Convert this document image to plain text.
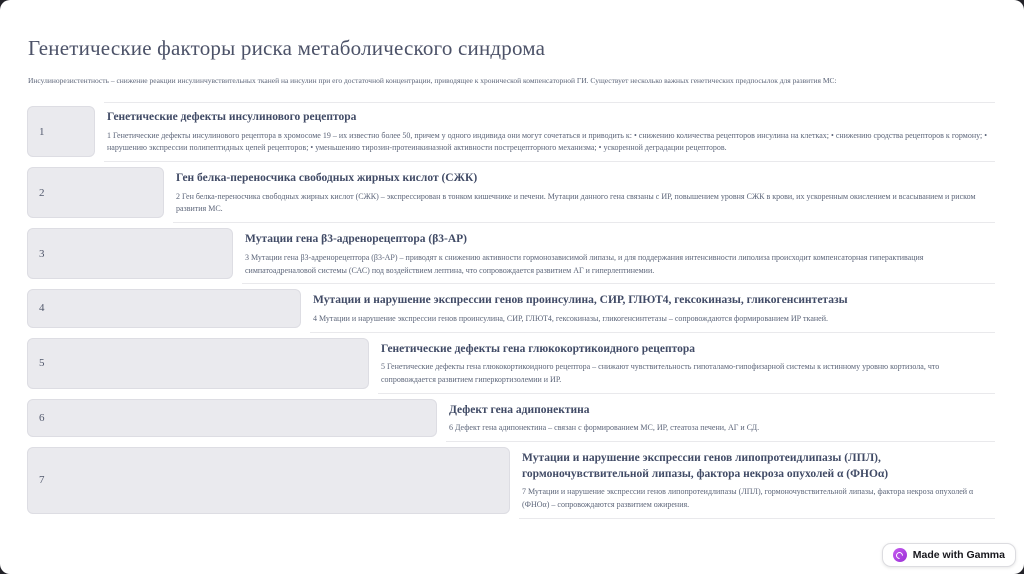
Генетические факторы риска метаболического синдрома

Инсулинорезистентность – снижение реакции инсулинчувствительных тканей на инсулин при его достаточной концентрации, приводящее к хронической компенсаторной ГИ. Существует несколько важных генетических предпосылок для развития МС:

1
Генетические дефекты инсулинового рецептора
1 Генетические дефекты инсулинового рецептора в хромосоме 19 – их известно более 50, причем у одного индивида они могут сочетаться и приводить к: • снижению количества рецепторов инсулина на клетках; • снижению сродства рецепторов к гормону; • нарушению экспрессии полипептидных цепей рецепторов; • уменьшению тирозин-протеинкиназной активности пострецепторного механизма; • ускоренной деградации рецепторов.
2
Ген белка-переносчика свободных жирных кислот (СЖК)
2 Ген белка-переносчика свободных жирных кислот (СЖК) – экспрессирован в тонком кишечнике и печени. Мутации данного гена связаны с ИР, повышением уровня СЖК в крови, их ускоренным окислением и всасыванием и риском развития МС.
3
Мутации гена β3-адренорецептора (β3-АР)
3 Мутации гена β3-адренорецептора (β3-АР) – приводят к снижению активности гормонозависимой липазы, и для поддержания интенсивности липолиза происходит компенсаторная гиперактивация симпатоадреналовой системы (САС) под воздействием лептина, что сопровождается развитием АГ и гиперлептинемии.
4
Мутации и нарушение экспрессии генов проинсулина, СИР, ГЛЮТ4, гексокиназы, гликогенсинтетазы
4 Мутации и нарушение экспрессии генов проинсулина, СИР, ГЛЮТ4, гексокиназы, гликогенсинтетазы – сопровождаются формированием ИР тканей.
5
Генетические дефекты гена глюкокортикоидного рецептора
5 Генетические дефекты гена глюкокортикоидного рецептора – снижают чувствительность гипоталамо-гипофизарной системы к истинному уровню кортизола, что сопровождается развитием гиперкортизолемии и ИР.
6
Дефект гена адипонектина
6 Дефект гена адипонектина – связан с формированием МС, ИР, стеатоза печени, АГ и СД.
7
Мутации и нарушение экспрессии генов липопротеидлипазы (ЛПЛ), гормоночувствительной липазы, фактора некроза опухолей α (ФНОα)
7 Мутации и нарушение экспрессии генов липопротеидлипазы (ЛПЛ), гормоночувствительной липазы, фактора некроза опухолей α (ФНОα) – сопровождаются развитием ожирения.
Made with Gamma
